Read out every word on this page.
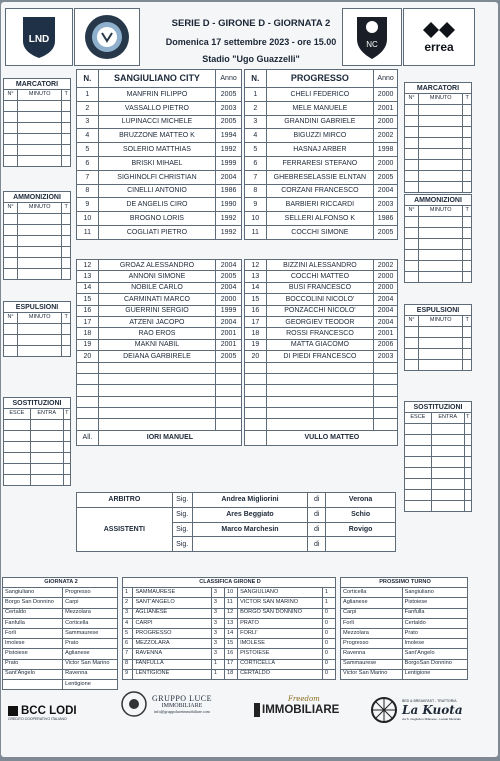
LND	NC	errea
SERIE D - GIRONE D - GIORNATA 2
Domenica 17 settembre 2023 - ore 15.00
Stadio "Ugo Guazzelli"
N.	SANGIULIANO CITY	Anno
1	MANFRIN FILIPPO	2005
2	VASSALLO PIETRO	2003
3	LUPINACCI MICHELE	2005
4	BRUZZONE MATTEO K	1994
5	SOLERIO MATTHIAS	1992
6	BRISKI MIHAEL	1999
7	SIGHINOLFI CHRISTIAN	2004
8	CINELLI ANTONIO	1986
9	DE ANGELIS CIRO	1990
10	BROGNO LORIS	1992
11	COGLIATI PIETRO	1992
N.	PROGRESSO	Anno
1	CHELI FEDERICO	2000
2	MELE MANUELE	2001
3	GRANDINI GABRIELE	2000
4	BIGUZZI MIRCO	2002
5	HASNAJ ARBER	1998
6	FERRARESI STEFANO	2000
7	GHEBRESELASSIE ELNTAN	2005
8	CORZANI FRANCESCO	2004
9	BARBIERI RICCARDI	2003
10	SELLERI ALFONSO K	1986
11	COCCHI SIMONE	2005
12	GROAZ ALESSANDRO	2004
13	ANNONI SIMONE	2005
14	NOBILE CARLO	2004
15	CARMINATI MARCO	2000
16	GUERRINI SERGIO	1999
17	ATZENI JACOPO	2004
18	RAO EROS	2001
19	MAKNI NABIL	2001
20	DEIANA GARBIRELE	2005

All.	IORI MANUEL	
12	BIZZINI ALESSANDRO	2002
13	COCCHI MATTEO	2000
14	BUSI FRANCESCO	2000
15	BOCCOLINI NICOLO'	2004
16	PONZACCHI NICOLO'	2004
17	GEORGIEV TEODOR	2004
18	ROSSI FRANCESCO	2001
19	MATTA GIACOMO	2006
20	DI PIEDI FRANCESCO	2003

	VULLO MATTEO	
ARBITRO	Sig.	Andrea Migliorini	di	Verona
ASSISTENTI	Sig.	Ares Beggiato	di	Schio
	Sig.	Marco Marchesin	di	Rovigo
	Sig.		di	
MARCATORI		
N°	MINUTO	T

AMMONIZIONI		
N°	MINUTO	T

ESPULSIONI		
N°	MINUTO	T

SOSTITUZIONI		
ESCE	ENTRA	T

MARCATORI		
N°	MINUTO	T

AMMONIZIONI		
N°	MINUTO	T

ESPULSIONI		
N°	MINUTO	T

SOSTITUZIONI		
ESCE	ENTRA	T

GIORNATA 2	
Sangiuliano	Progresso
Borgo San Donnino	Carpi
Certaldo	Mezzolara
Fanfulla	Corticella
Forlì	Sammaurese
Imolese	Prato
Pistoiese	Aglianese
Prato	Victor San Marino
Sant'Angelo	Ravenna
	Lentigione
CLASSIFICA GIRONE D					
1	SAMMAURESE	3	10	SANGIULIANO	1
2	SANT'ANGELO	3	11	VICTOR SAN MARINO	1
3	AGLIANESE	3	12	BORGO SAN DONNINO	0
4	CARPI	3	13	PRATO	0
5	PROGRESSO	3	14	FORLI'	0
6	MEZZOLARA	3	15	IMOLESE	0
7	RAVENNA	3	16	PISTOIESE	0
8	FANFULLA	1	17	CORTICELLA	0
9	LENTIGIONE	1	18	CERTALDO	0
PROSSIMO TURNO	
Corticella	Sangiuliano
Aglianese	Pistoiese
Carpi	Fanfulla
Forlì	Certaldo
Mezzolara	Prato
Progresso	Imolese
Ravenna	Sant'Angelo
Sammaurese	BorgoSan Donnino
Victor San Marino	Lentigione
BCC LODI
CREDITO COOPERATIVO ITALIANO
GRUPPO LUCE
IMMOBILIARE
info@gruppoluceimmobiliare.com
Freedom
IMMOBILIARE
BED & BREAKFAST - TRATTORIA
La Kuota
via S. Guglielmo Milanese - Locale Musicale
